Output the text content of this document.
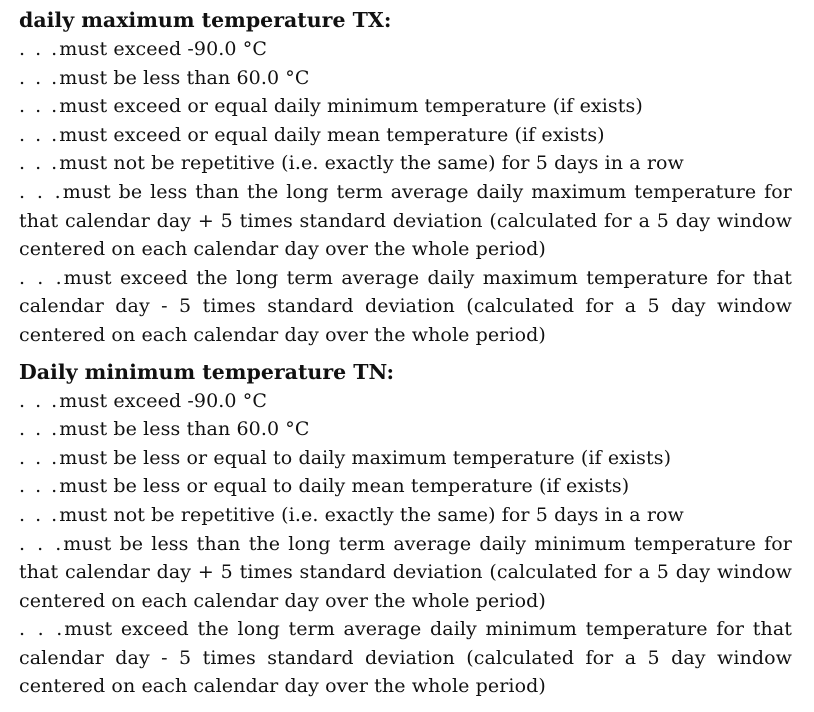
daily maximum temperature TX:

. . .must exceed -90.0 °C

. . .must be less than 60.0 °C

. . .must exceed or equal daily minimum temperature (if exists)

. . .must exceed or equal daily mean temperature (if exists)

. . .must not be repetitive (i.e. exactly the same) for 5 days in a row

. . .must be less than the long term average daily maximum temperature for that calendar day + 5 times standard deviation (calculated for a 5 day window centered on each calendar day over the whole period)

. . .must exceed the long term average daily maximum temperature for that calendar day - 5 times standard deviation (calculated for a 5 day window centered on each calendar day over the whole period)

Daily minimum temperature TN:

. . .must exceed -90.0 °C

. . .must be less than 60.0 °C

. . .must be less or equal to daily maximum temperature (if exists)

. . .must be less or equal to daily mean temperature (if exists)

. . .must not be repetitive (i.e. exactly the same) for 5 days in a row

. . .must be less than the long term average daily minimum temperature for that calendar day + 5 times standard deviation (calculated for a 5 day window centered on each calendar day over the whole period)

. . .must exceed the long term average daily minimum temperature for that calendar day - 5 times standard deviation (calculated for a 5 day window centered on each calendar day over the whole period)
